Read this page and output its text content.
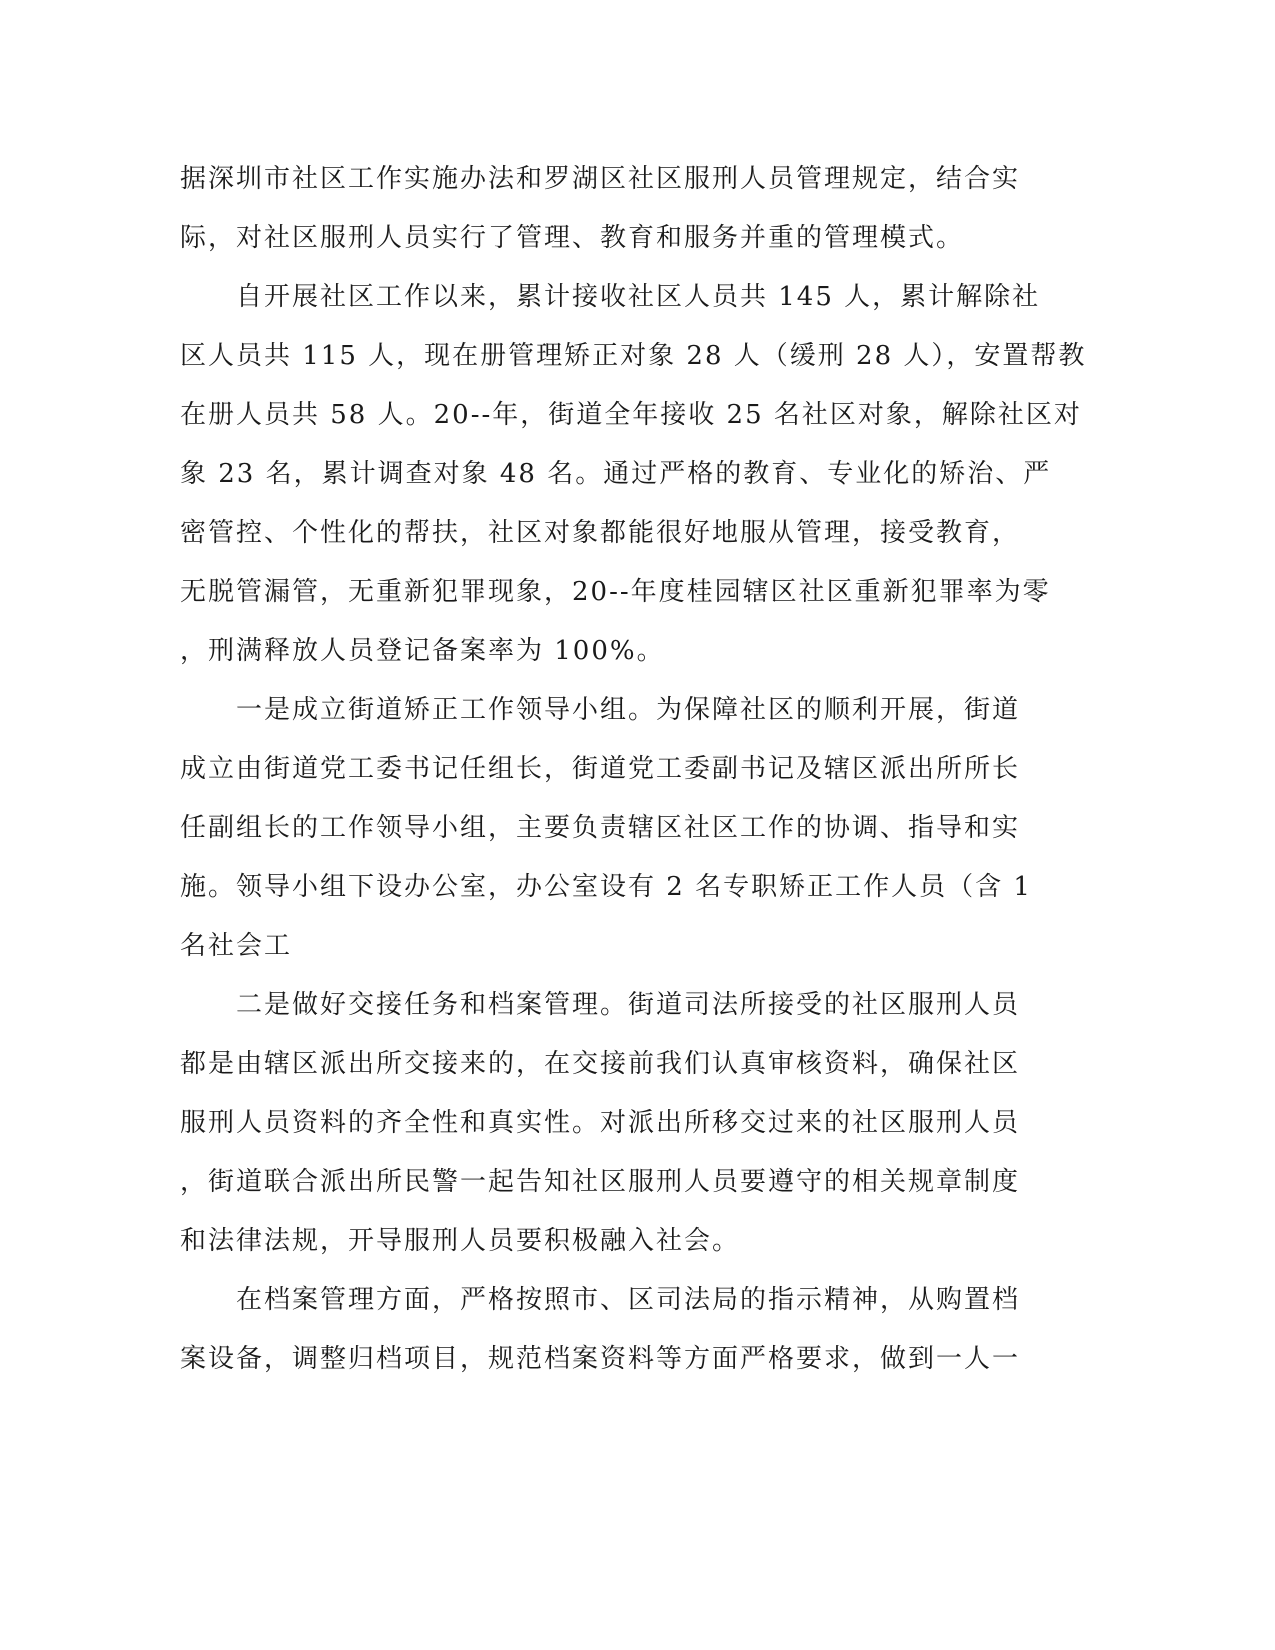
据深圳市社区工作实施办法和罗湖区社区服刑人员管理规定，结合实
际，对社区服刑人员实行了管理、教育和服务并重的管理模式。

　　自开展社区工作以来，累计接收社区人员共 145 人，累计解除社
区人员共 115 人，现在册管理矫正对象 28 人（缓刑 28 人），安置帮教
在册人员共 58 人。20--年，街道全年接收 25 名社区对象，解除社区对
象 23 名，累计调查对象 48 名。通过严格的教育、专业化的矫治、严
密管控、个性化的帮扶，社区对象都能很好地服从管理，接受教育，
无脱管漏管，无重新犯罪现象，20--年度桂园辖区社区重新犯罪率为零
，刑满释放人员登记备案率为 100%。

　　一是成立街道矫正工作领导小组。为保障社区的顺利开展，街道
成立由街道党工委书记任组长，街道党工委副书记及辖区派出所所长
任副组长的工作领导小组，主要负责辖区社区工作的协调、指导和实
施。领导小组下设办公室，办公室设有 2 名专职矫正工作人员（含 1
名社会工

　　二是做好交接任务和档案管理。街道司法所接受的社区服刑人员
都是由辖区派出所交接来的，在交接前我们认真审核资料，确保社区
服刑人员资料的齐全性和真实性。对派出所移交过来的社区服刑人员
，街道联合派出所民警一起告知社区服刑人员要遵守的相关规章制度
和法律法规，开导服刑人员要积极融入社会。

　　在档案管理方面，严格按照市、区司法局的指示精神，从购置档
案设备，调整归档项目，规范档案资料等方面严格要求，做到一人一
